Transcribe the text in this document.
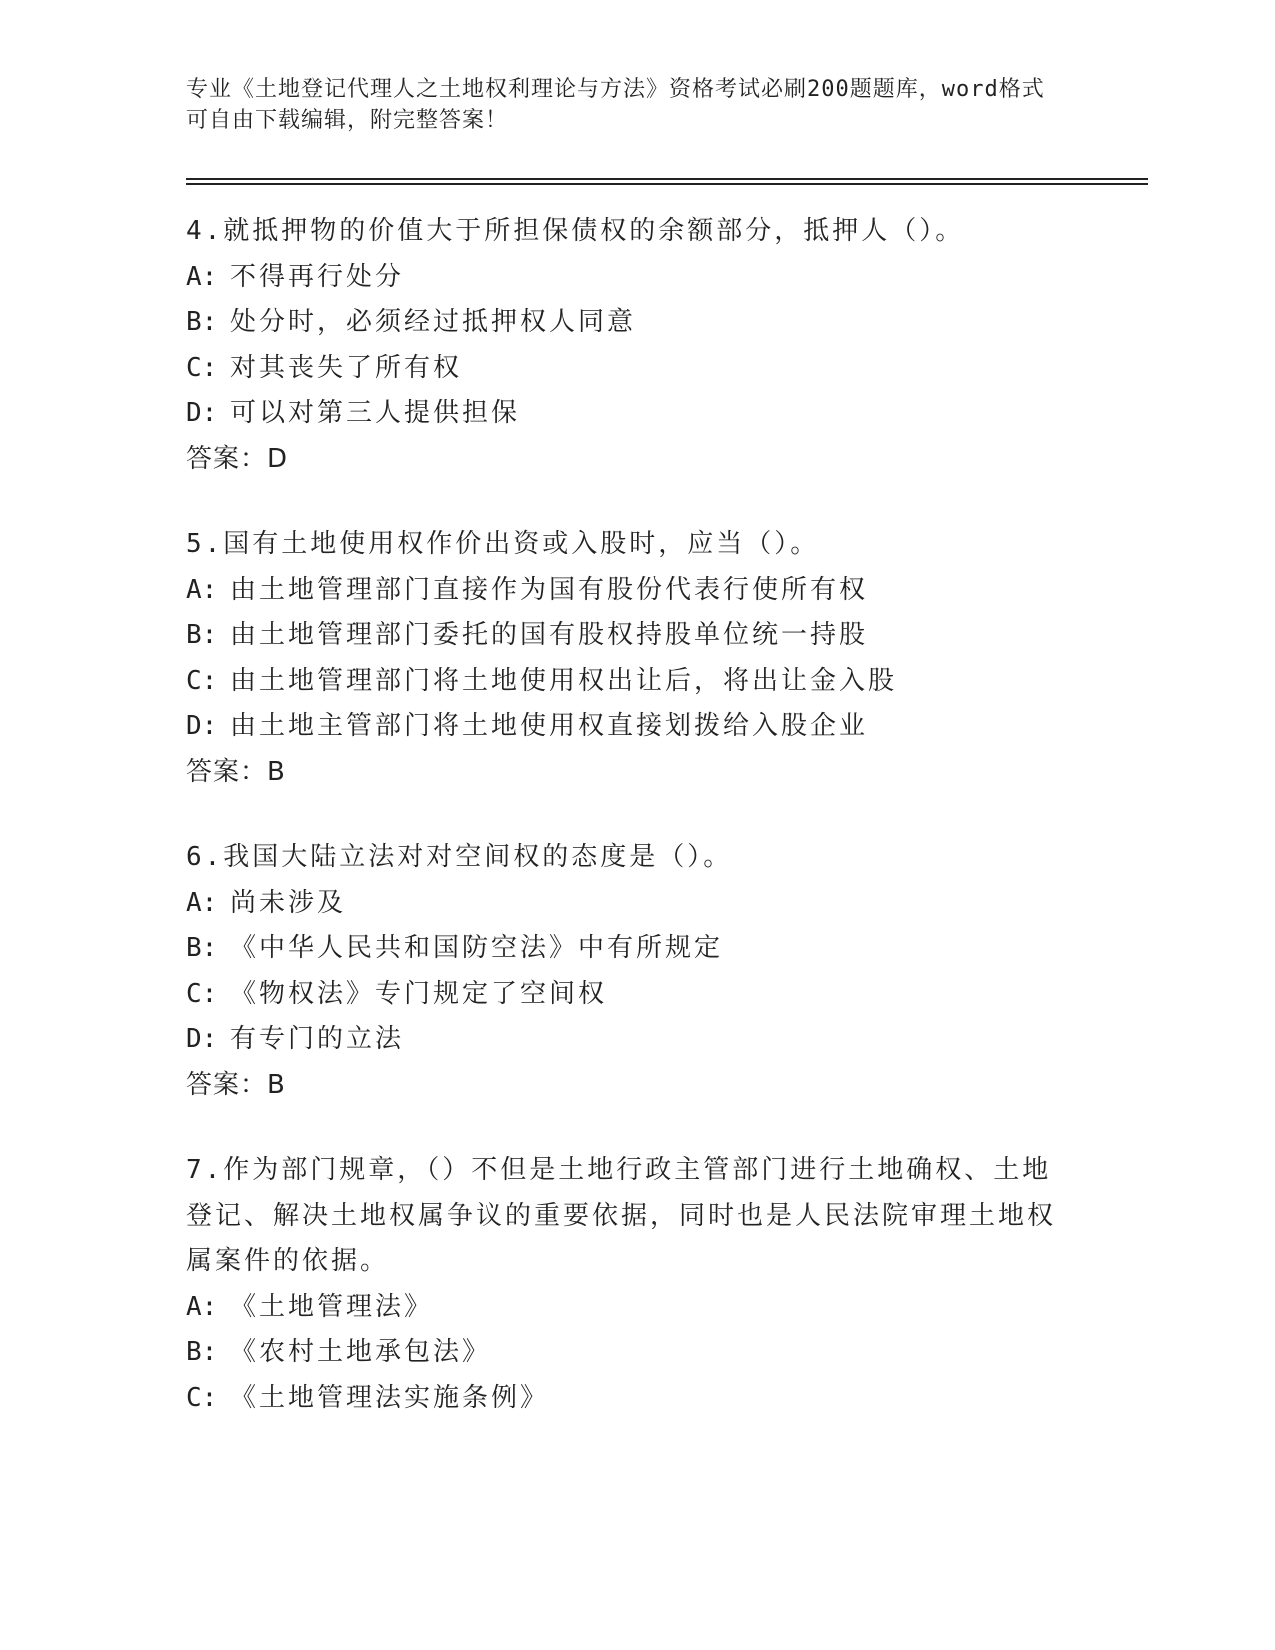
专业《土地登记代理人之土地权利理论与方法》资格考试必刷200题题库，word格式可自由下载编辑，附完整答案！
4.就抵押物的价值大于所担保债权的余额部分，抵押人（）。
A: 不得再行处分
B: 处分时，必须经过抵押权人同意
C: 对其丧失了所有权
D: 可以对第三人提供担保
答案：D
5.国有土地使用权作价出资或入股时，应当（）。
A: 由土地管理部门直接作为国有股份代表行使所有权
B: 由土地管理部门委托的国有股权持股单位统一持股
C: 由土地管理部门将土地使用权出让后，将出让金入股
D: 由土地主管部门将土地使用权直接划拨给入股企业
答案：B
6.我国大陆立法对对空间权的态度是（）。
A: 尚未涉及
B: 《中华人民共和国防空法》中有所规定
C: 《物权法》专门规定了空间权
D: 有专门的立法
答案：B
7.作为部门规章，（）不但是土地行政主管部门进行土地确权、土地登记、解决土地权属争议的重要依据，同时也是人民法院审理土地权属案件的依据。
A: 《土地管理法》
B: 《农村土地承包法》
C: 《土地管理法实施条例》
